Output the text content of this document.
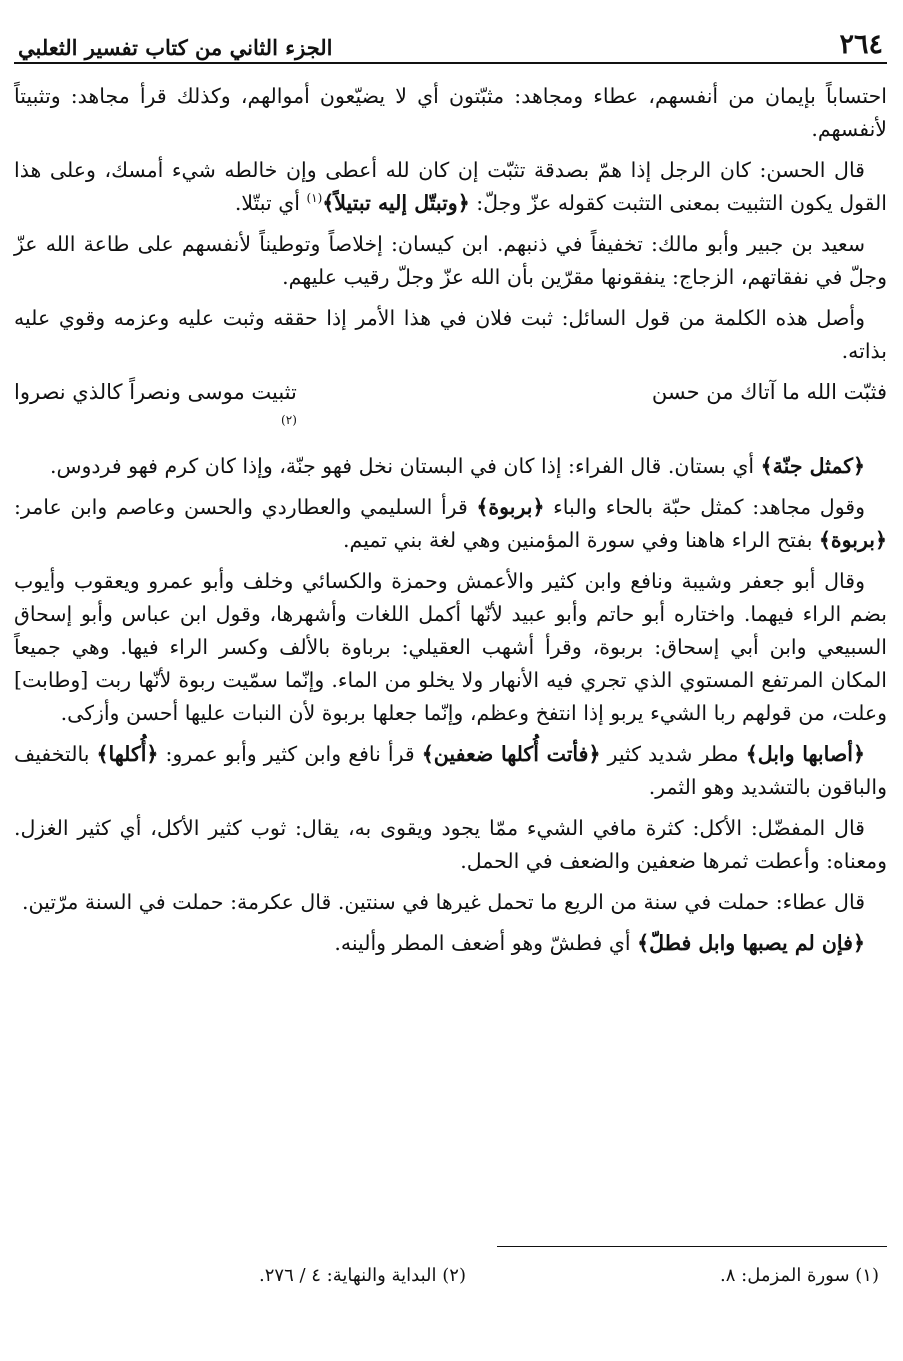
٢٦٤
الجزء الثاني من كتاب تفسير الثعلبي

احتساباً بإيمان من أنفسهم، عطاء ومجاهد: مثبّتون أي لا يضيّعون أموالهم، وكذلك قرأ مجاهد: وتثبيتاً لأنفسهم.

قال الحسن: كان الرجل إذا همّ بصدقة تثبّت إن كان لله أعطى وإن خالطه شيء أمسك، وعلى هذا القول يكون التثبيت بمعنى التثبت كقوله عزّ وجلّ: ﴿وتبتّل إليه تبتيلاً﴾$^{(١)}$ أي تبتّلا.

سعيد بن جبير وأبو مالك: تخفيفاً في ذنبهم. ابن كيسان: إخلاصاً وتوطيناً لأنفسهم على طاعة الله عزّ وجلّ في نفقاتهم، الزجاج: ينفقونها مقرّين بأن الله عزّ وجلّ رقيب عليهم.

وأصل هذه الكلمة من قول السائل: ثبت فلان في هذا الأمر إذا حققه وثبت عليه وعزمه وقوي عليه بذاته.

فثبّت الله ما آتاك من حسن
تثبيت موسى ونصراً كالذي نصروا
$^{(٢)}$

﴿كمثل جنّة﴾ أي بستان. قال الفراء: إذا كان في البستان نخل فهو جنّة، وإذا كان كرم فهو فردوس.

وقول مجاهد: كمثل حبّة بالحاء والباء ﴿بربوة﴾ قرأ السليمي والعطاردي والحسن وعاصم وابن عامر: ﴿بربوة﴾ بفتح الراء هاهنا وفي سورة المؤمنين وهي لغة بني تميم.

وقال أبو جعفر وشيبة ونافع وابن كثير والأعمش وحمزة والكسائي وخلف وأبو عمرو ويعقوب وأيوب بضم الراء فيهما. واختاره أبو حاتم وأبو عبيد لأنّها أكمل اللغات وأشهرها، وقول ابن عباس وأبو إسحاق السبيعي وابن أبي إسحاق: بربوة، وقرأ أشهب العقيلي: برباوة بالألف وكسر الراء فيها. وهي جميعاً المكان المرتفع المستوي الذي تجري فيه الأنهار ولا يخلو من الماء. وإنّما سمّيت ربوة لأنّها ربت [وطابت] وعلت، من قولهم ربا الشيء يربو إذا انتفخ وعظم، وإنّما جعلها بربوة لأن النبات عليها أحسن وأزكى.

﴿أصابها وابل﴾ مطر شديد كثير ﴿فأتت أُكلها ضعفين﴾ قرأ نافع وابن كثير وأبو عمرو: ﴿أُكلها﴾ بالتخفيف والباقون بالتشديد وهو الثمر.

قال المفضّل: الأكل: كثرة مافي الشيء ممّا يجود ويقوى به، يقال: ثوب كثير الأكل، أي كثير الغزل. ومعناه: وأعطت ثمرها ضعفين والضعف في الحمل.

قال عطاء: حملت في سنة من الريع ما تحمل غيرها في سنتين. قال عكرمة: حملت في السنة مرّتين.

﴿فإن لم يصبها وابل فطلّ﴾ أي فطشّ وهو أضعف المطر وألينه.

(١) سورة المزمل: ٨.
(٢) البداية والنهاية: ٤ / ٢٧٦.
